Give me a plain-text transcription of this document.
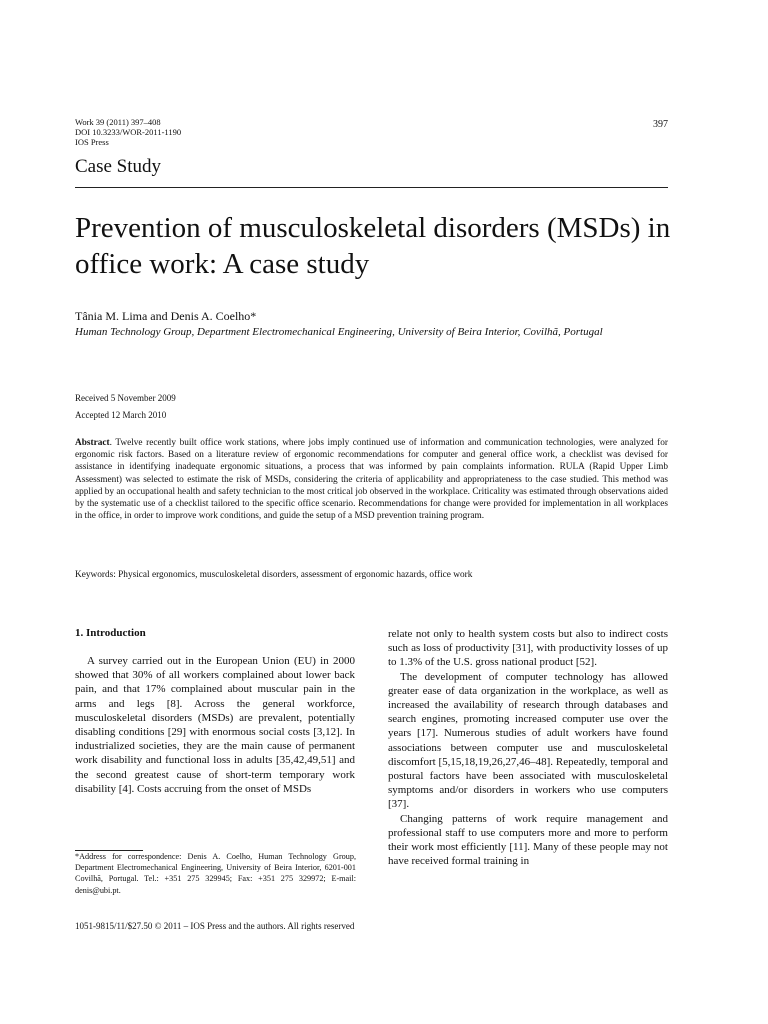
Work 39 (2011) 397–408
DOI 10.3233/WOR-2011-1190
IOS Press
397
Case Study
Prevention of musculoskeletal disorders (MSDs) in office work: A case study
Tânia M. Lima and Denis A. Coelho*
Human Technology Group, Department Electromechanical Engineering, University of Beira Interior, Covilhã, Portugal
Received 5 November 2009
Accepted 12 March 2010
Abstract. Twelve recently built office work stations, where jobs imply continued use of information and communication technologies, were analyzed for ergonomic risk factors. Based on a literature review of ergonomic recommendations for computer and general office work, a checklist was devised for assistance in identifying inadequate ergonomic situations, a process that was informed by pain complaints information. RULA (Rapid Upper Limb Assessment) was selected to estimate the risk of MSDs, considering the criteria of applicability and appropriateness to the case studied. This method was applied by an occupational health and safety technician to the most critical job observed in the workplace. Criticality was estimated through observations aided by the systematic use of a checklist tailored to the specific office scenario. Recommendations for change were provided for implementation in all workplaces in the office, in order to improve work conditions, and guide the setup of a MSD prevention training program.
Keywords: Physical ergonomics, musculoskeletal disorders, assessment of ergonomic hazards, office work
1. Introduction

A survey carried out in the European Union (EU) in 2000 showed that 30% of all workers complained about lower back pain, and that 17% complained about muscular pain in the arms and legs [8]. Across the general workforce, musculoskeletal disorders (MSDs) are prevalent, potentially disabling conditions [29] with enormous social costs [3,12]. In industrialized societies, they are the main cause of permanent work disability and functional loss in adults [35,42,49,51] and the second greatest cause of short-term temporary work disability [4]. Costs accruing from the onset of MSDs

relate not only to health system costs but also to indirect costs such as loss of productivity [31], with productivity losses of up to 1.3% of the U.S. gross national product [52].

The development of computer technology has allowed greater ease of data organization in the workplace, as well as increased the availability of research through databases and search engines, promoting increased computer use over the years [17]. Numerous studies of adult workers have found associations between computer use and musculoskeletal discomfort [5,15,18,19,26,27,46–48]. Repeatedly, temporal and postural factors have been associated with musculoskeletal symptoms and/or disorders in workers who use computers [37].

Changing patterns of work require management and professional staff to use computers more and more to perform their work most efficiently [11]. Many of these people may not have received formal training in

*Address for correspondence: Denis A. Coelho, Human Technology Group, Department Electromechanical Engineering, University of Beira Interior, 6201-001 Covilhã, Portugal. Tel.: +351 275 329945; Fax: +351 275 329972; E-mail: denis@ubi.pt.
1051-9815/11/$27.50 © 2011 – IOS Press and the authors. All rights reserved
